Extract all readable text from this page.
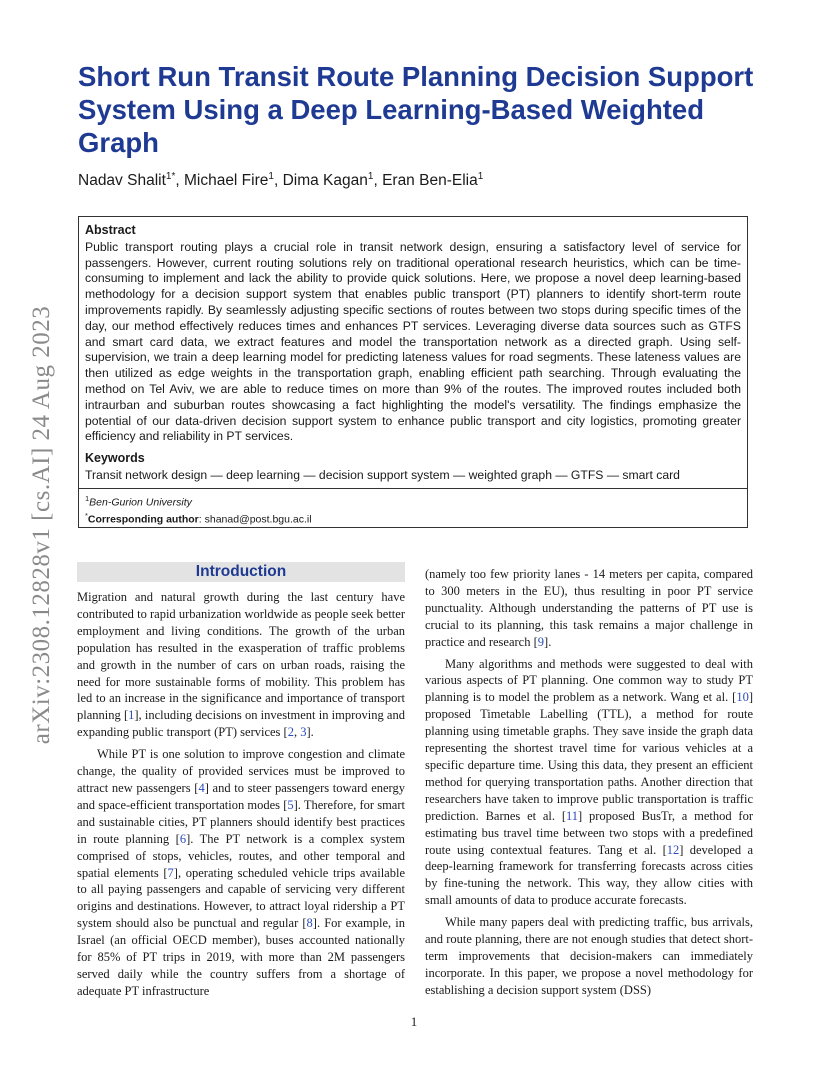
arXiv:2308.12828v1 [cs.AI] 24 Aug 2023
Short Run Transit Route Planning Decision Support System Using a Deep Learning-Based Weighted Graph

Nadav Shalit$^{1*}$, Michael Fire$^1$, Dima Kagan$^1$, Eran Ben-Elia$^1$

Abstract

Public transport routing plays a crucial role in transit network design, ensuring a satisfactory level of service for passengers. However, current routing solutions rely on traditional operational research heuristics, which can be time-consuming to implement and lack the ability to provide quick solutions. Here, we propose a novel deep learning-based methodology for a decision support system that enables public transport (PT) planners to identify short-term route improvements rapidly. By seamlessly adjusting specific sections of routes between two stops during specific times of the day, our method effectively reduces times and enhances PT services. Leveraging diverse data sources such as GTFS and smart card data, we extract features and model the transportation network as a directed graph. Using self-supervision, we train a deep learning model for predicting lateness values for road segments. These lateness values are then utilized as edge weights in the transportation graph, enabling efficient path searching. Through evaluating the method on Tel Aviv, we are able to reduce times on more than 9% of the routes. The improved routes included both intraurban and suburban routes showcasing a fact highlighting the model's versatility. The findings emphasize the potential of our data-driven decision support system to enhance public transport and city logistics, promoting greater efficiency and reliability in PT services.

Keywords

Transit network design — deep learning — decision support system — weighted graph — GTFS — smart card

$^1$Ben-Gurion University

*Corresponding author: shanad@post.bgu.ac.il

Introduction

Migration and natural growth during the last century have contributed to rapid urbanization worldwide as people seek better employment and living conditions. The growth of the urban population has resulted in the exasperation of traffic problems and growth in the number of cars on urban roads, raising the need for more sustainable forms of mobility. This problem has led to an increase in the significance and importance of transport planning [1], including decisions on investment in improving and expanding public transport (PT) services [2, 3].

While PT is one solution to improve congestion and climate change, the quality of provided services must be improved to attract new passengers [4] and to steer passengers toward energy and space-efficient transportation modes [5]. Therefore, for smart and sustainable cities, PT planners should identify best practices in route planning [6]. The PT network is a complex system comprised of stops, vehicles, routes, and other temporal and spatial elements [7], operating scheduled vehicle trips available to all paying passengers and capable of servicing very different origins and destinations. However, to attract loyal ridership a PT system should also be punctual and regular [8]. For example, in Israel (an official OECD member), buses accounted nationally for 85% of PT trips in 2019, with more than 2M passengers served daily while the country suffers from a shortage of adequate PT infrastructure

(namely too few priority lanes - 14 meters per capita, compared to 300 meters in the EU), thus resulting in poor PT service punctuality. Although understanding the patterns of PT use is crucial to its planning, this task remains a major challenge in practice and research [9].

Many algorithms and methods were suggested to deal with various aspects of PT planning. One common way to study PT planning is to model the problem as a network. Wang et al. [10] proposed Timetable Labelling (TTL), a method for route planning using timetable graphs. They save inside the graph data representing the shortest travel time for various vehicles at a specific departure time. Using this data, they present an efficient method for querying transportation paths. Another direction that researchers have taken to improve public transportation is traffic prediction. Barnes et al. [11] proposed BusTr, a method for estimating bus travel time between two stops with a predefined route using contextual features. Tang et al. [12] developed a deep-learning framework for transferring forecasts across cities by fine-tuning the network. This way, they allow cities with small amounts of data to produce accurate forecasts.

While many papers deal with predicting traffic, bus arrivals, and route planning, there are not enough studies that detect short-term improvements that decision-makers can immediately incorporate. In this paper, we propose a novel methodology for establishing a decision support system (DSS)

1
